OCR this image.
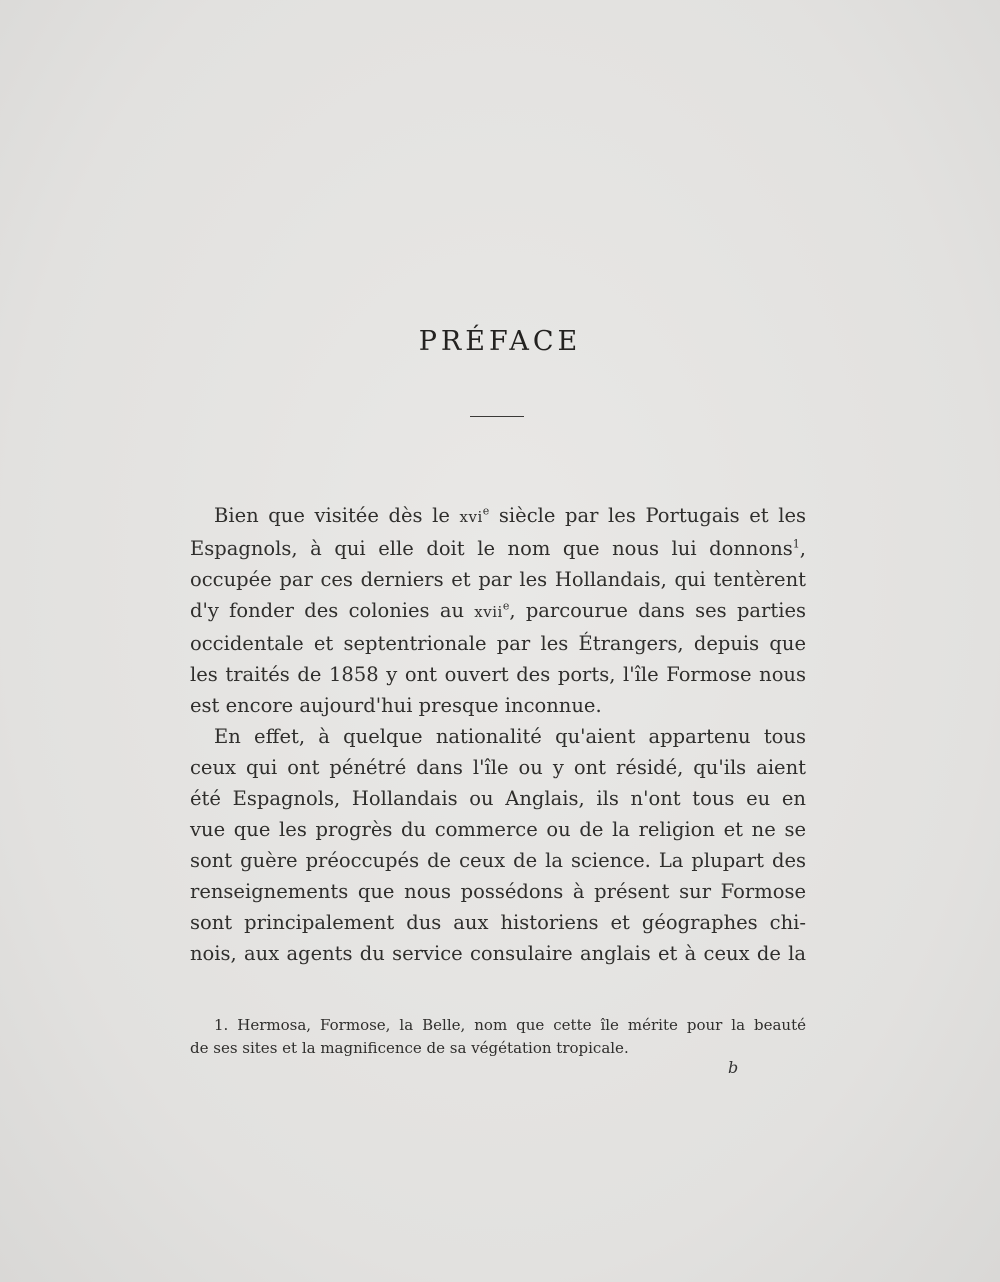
PRÉFACE
Bien que visitée dès le xvi$^e$ siècle par les Portugais et les
Espagnols, à qui elle doit le nom que nous lui donnons$^1$,
occupée par ces derniers et par les Hollandais, qui tentèrent
d'y fonder des colonies au xvii$^e$, parcourue dans ses parties
occidentale et septentrionale par les Étrangers, depuis que
les traités de 1858 y ont ouvert des ports, l'île Formose nous
est encore aujourd'hui presque inconnue.
En effet, à quelque nationalité qu'aient appartenu tous
ceux qui ont pénétré dans l'île ou y ont résidé, qu'ils aient
été Espagnols, Hollandais ou Anglais, ils n'ont tous eu en
vue que les progrès du commerce ou de la religion et ne se
sont guère préoccupés de ceux de la science. La plupart des
renseignements que nous possédons à présent sur Formose
sont principalement dus aux historiens et géographes chi-
nois, aux agents du service consulaire anglais et à ceux de la
1. Hermosa, Formose, la Belle, nom que cette île mérite pour la beauté
de ses sites et la magnificence de sa végétation tropicale.
b
